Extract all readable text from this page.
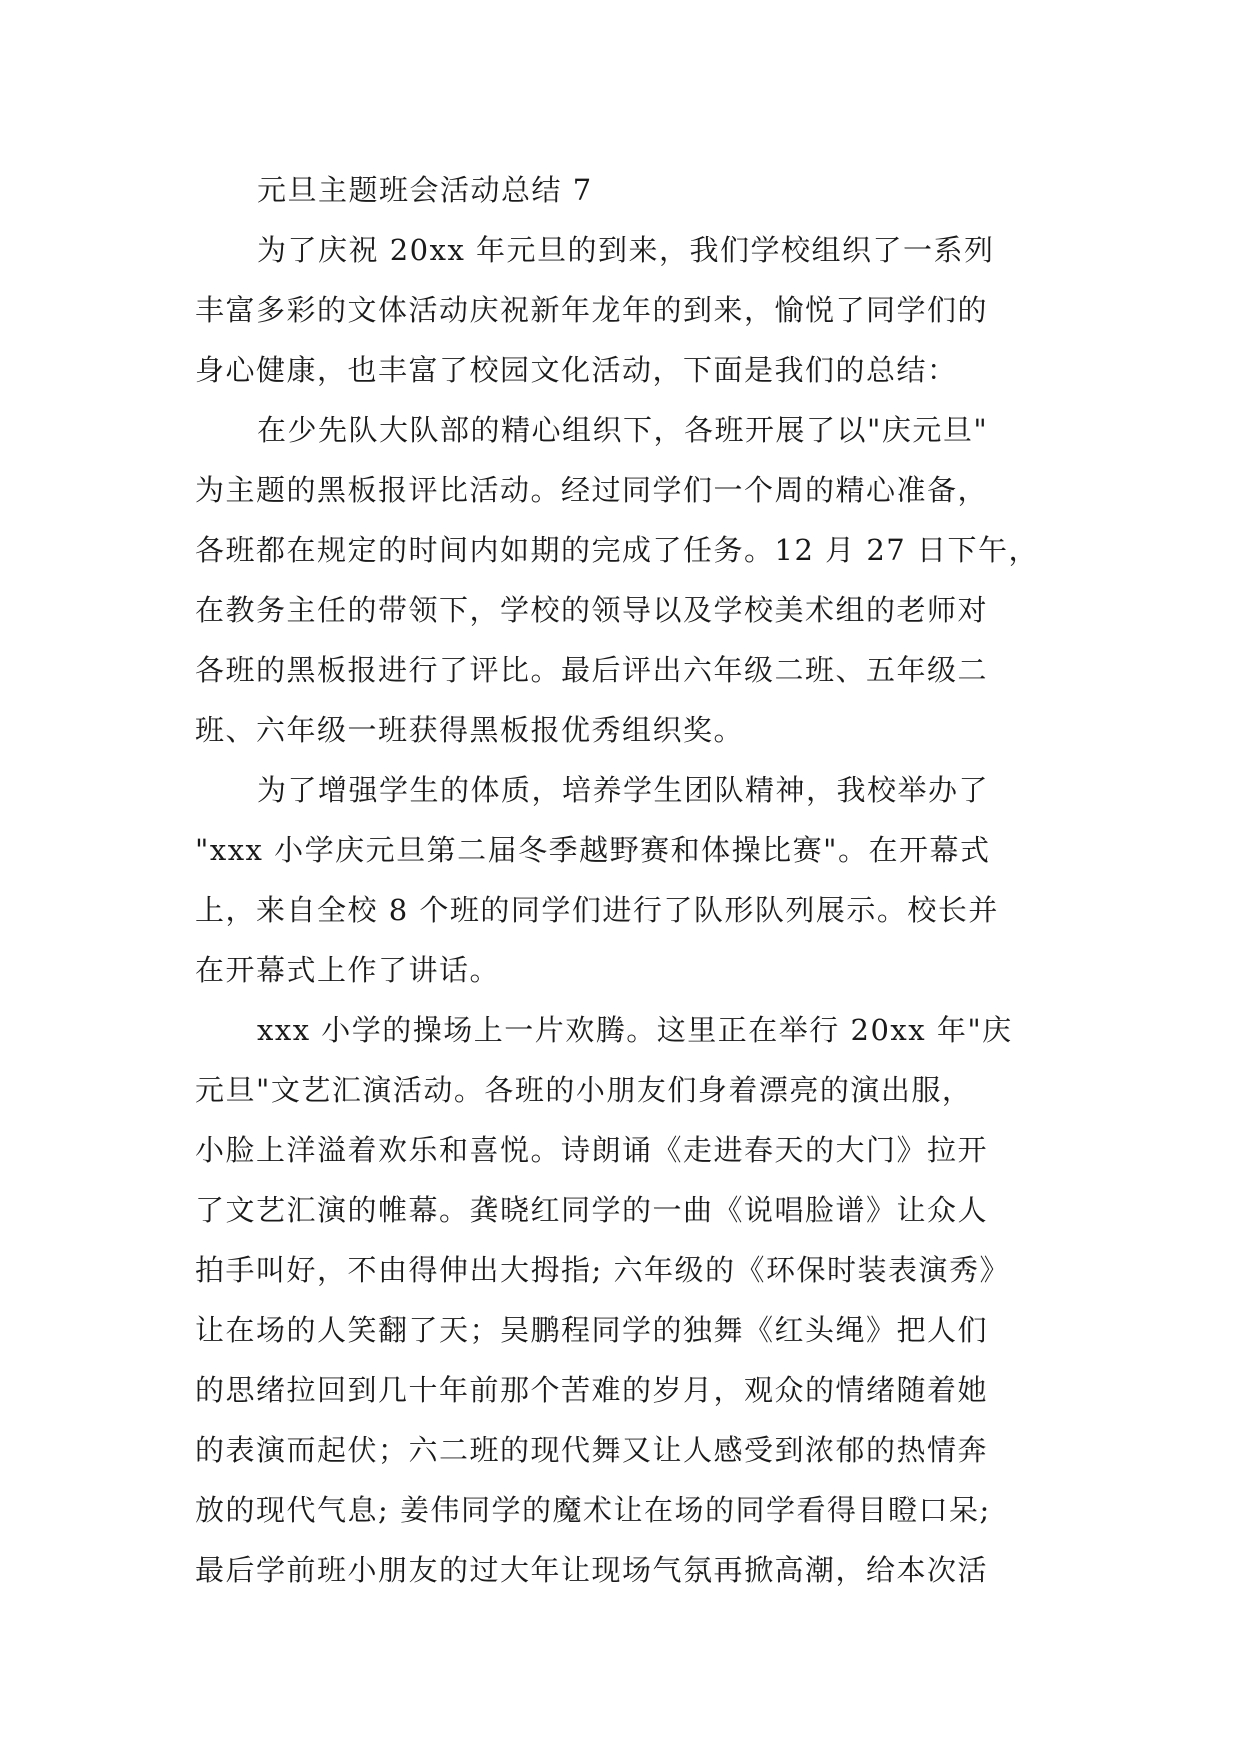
元旦主题班会活动总结 7

为了庆祝 20xx 年元旦的到来，我们学校组织了一系列
丰富多彩的文体活动庆祝新年龙年的到来，愉悦了同学们的
身心健康，也丰富了校园文化活动，下面是我们的总结：

在少先队大队部的精心组织下，各班开展了以"庆元旦"
为主题的黑板报评比活动。经过同学们一个周的精心准备，
各班都在规定的时间内如期的完成了任务。12 月 27 日下午，
在教务主任的带领下，学校的领导以及学校美术组的老师对
各班的黑板报进行了评比。最后评出六年级二班、五年级二
班、六年级一班获得黑板报优秀组织奖。

为了增强学生的体质，培养学生团队精神，我校举办了
"xxx 小学庆元旦第二届冬季越野赛和体操比赛"。在开幕式
上，来自全校 8 个班的同学们进行了队形队列展示。校长并
在开幕式上作了讲话。

xxx 小学的操场上一片欢腾。这里正在举行 20xx 年"庆
元旦"文艺汇演活动。各班的小朋友们身着漂亮的演出服，
小脸上洋溢着欢乐和喜悦。诗朗诵《走进春天的大门》拉开
了文艺汇演的帷幕。龚晓红同学的一曲《说唱脸谱》让众人
拍手叫好，不由得伸出大拇指; 六年级的《环保时装表演秀》
让在场的人笑翻了天；吴鹏程同学的独舞《红头绳》把人们
的思绪拉回到几十年前那个苦难的岁月，观众的情绪随着她
的表演而起伏；六二班的现代舞又让人感受到浓郁的热情奔
放的现代气息; 姜伟同学的魔术让在场的同学看得目瞪口呆;
最后学前班小朋友的过大年让现场气氛再掀高潮，给本次活
